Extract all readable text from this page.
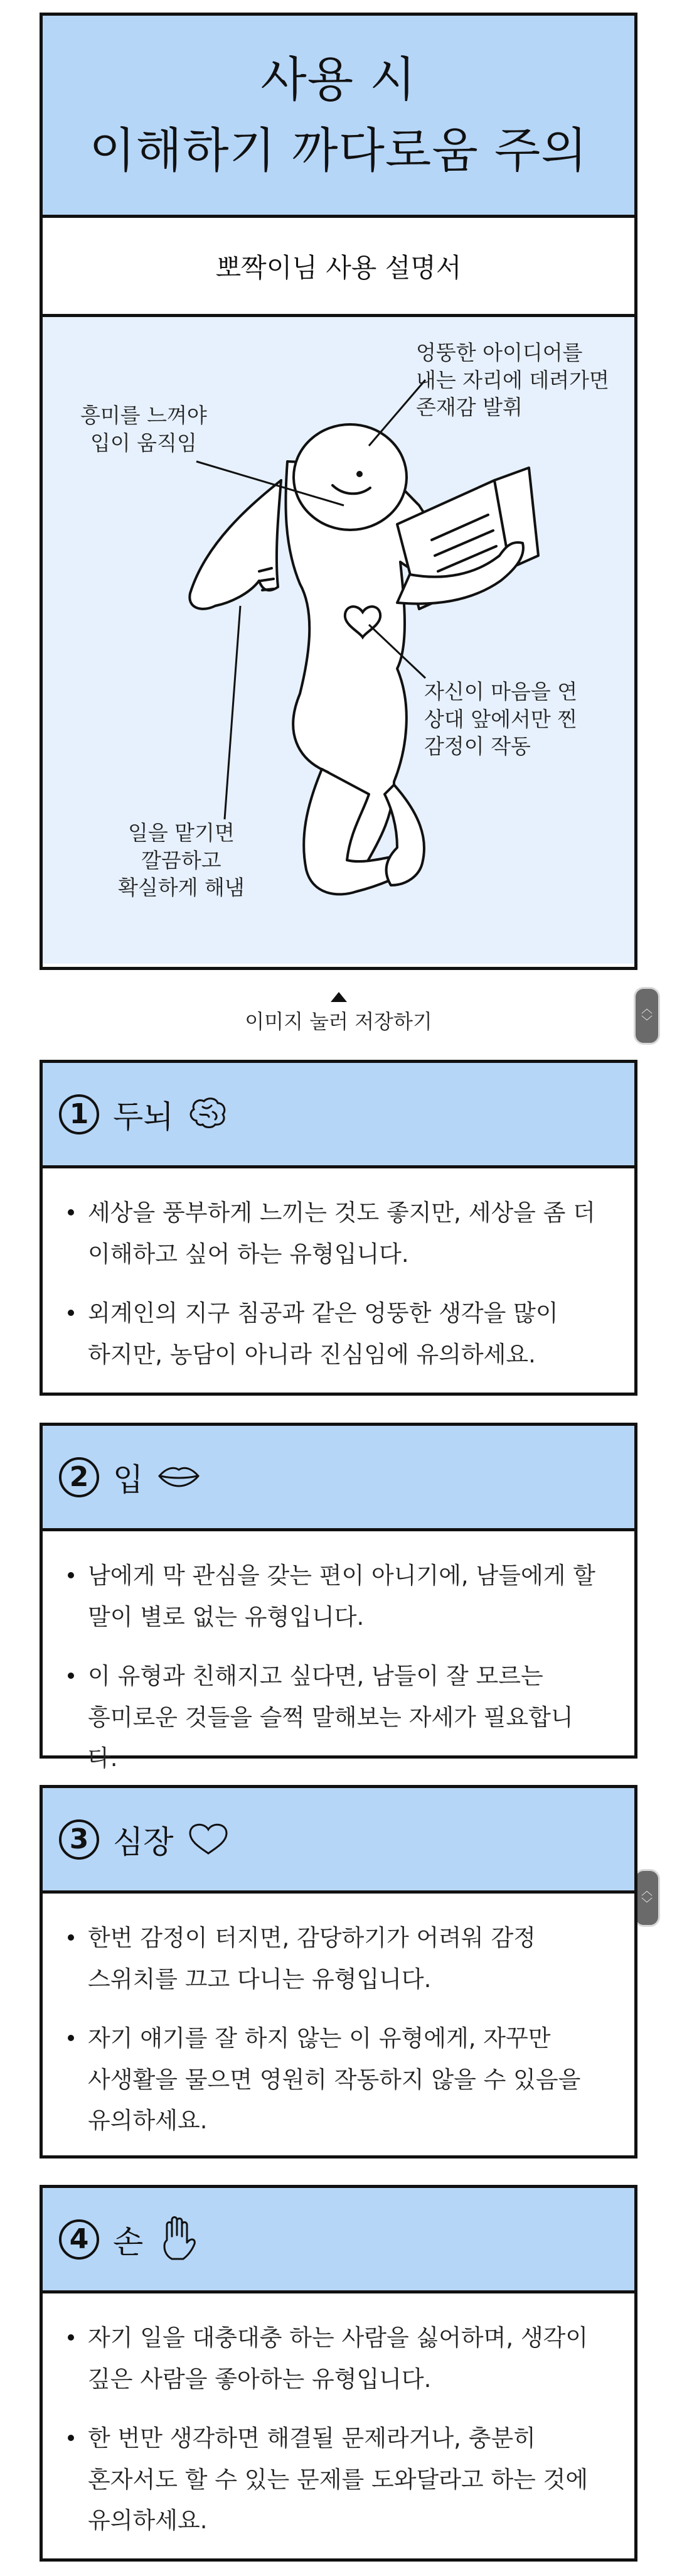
사용 시
이해하기 까다로움 주의
뽀짝이님 사용 설명서
엉뚱한 아이디어를
내는 자리에 데려가면
존재감 발휘
흥미를 느껴야
입이 움직임
자신이 마음을 연
상대 앞에서만 찐
감정이 작동
일을 맡기면
깔끔하고
확실하게 해냄
이미지 눌러 저장하기
︿
﹀
︿
﹀
1 두뇌
세상을 풍부하게 느끼는 것도 좋지만, 세상을 좀 더
이해하고 싶어 하는 유형입니다.
외계인의 지구 침공과 같은 엉뚱한 생각을 많이
하지만, 농담이 아니라 진심임에 유의하세요.
2 입
남에게 막 관심을 갖는 편이 아니기에, 남들에게 할
말이 별로 없는 유형입니다.
이 유형과 친해지고 싶다면, 남들이 잘 모르는
흥미로운 것들을 슬쩍 말해보는 자세가 필요합니다.
3 심장
한번 감정이 터지면, 감당하기가 어려워 감정
스위치를 끄고 다니는 유형입니다.
자기 얘기를 잘 하지 않는 이 유형에게, 자꾸만
사생활을 물으면 영원히 작동하지 않을 수 있음을
유의하세요.
4 손
자기 일을 대충대충 하는 사람을 싫어하며, 생각이
깊은 사람을 좋아하는 유형입니다.
한 번만 생각하면 해결될 문제라거나, 충분히
혼자서도 할 수 있는 문제를 도와달라고 하는 것에
유의하세요.
